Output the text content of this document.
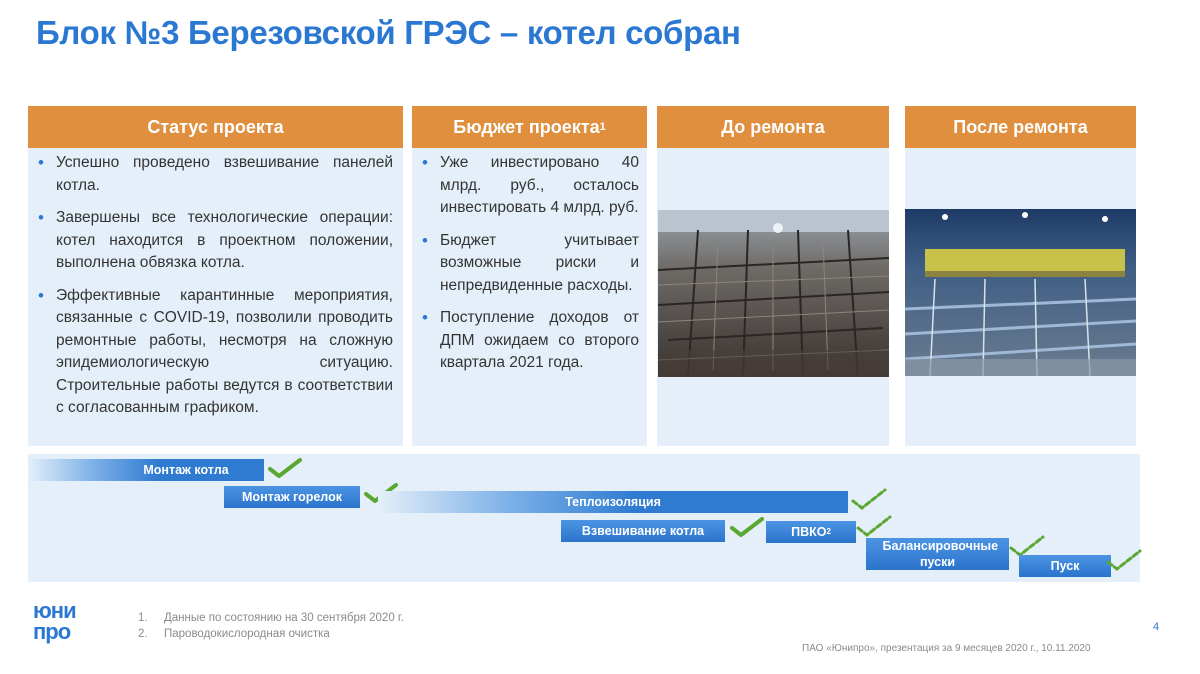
Блок №3 Березовской ГРЭС – котел собран
Статус проекта
• Успешно проведено взвешивание панелей котла.
• Завершены все технологические операции: котел находится в проектном положении, выполнена обвязка котла.
• Эффективные карантинные мероприятия, связанные с COVID-19, позволили проводить ремонтные работы, несмотря на сложную эпидемиологическую ситуацию. Строительные работы ведутся в соответствии с согласованным графиком.
Бюджет проекта 1
• Уже инвестировано 40 млрд. руб., осталось инвестировать 4 млрд. руб.
• Бюджет учитывает возможные риски и непредвиденные расходы.
• Поступление доходов от ДПМ ожидаем со второго квартала 2021 года.
До ремонта	После ремонта
Монтаж котла
Монтаж горелок	Теплоизоляция
Взвешивание котла	ПВКО 2
Балансировочные пуски	Пуск
юни
про
1. Данные по состоянию на 30 сентября 2020 г.
2. Пароводокислородная очистка
4
ПАО «Юнипро», презентация за 9 месяцев 2020 г., 10.11.2020
